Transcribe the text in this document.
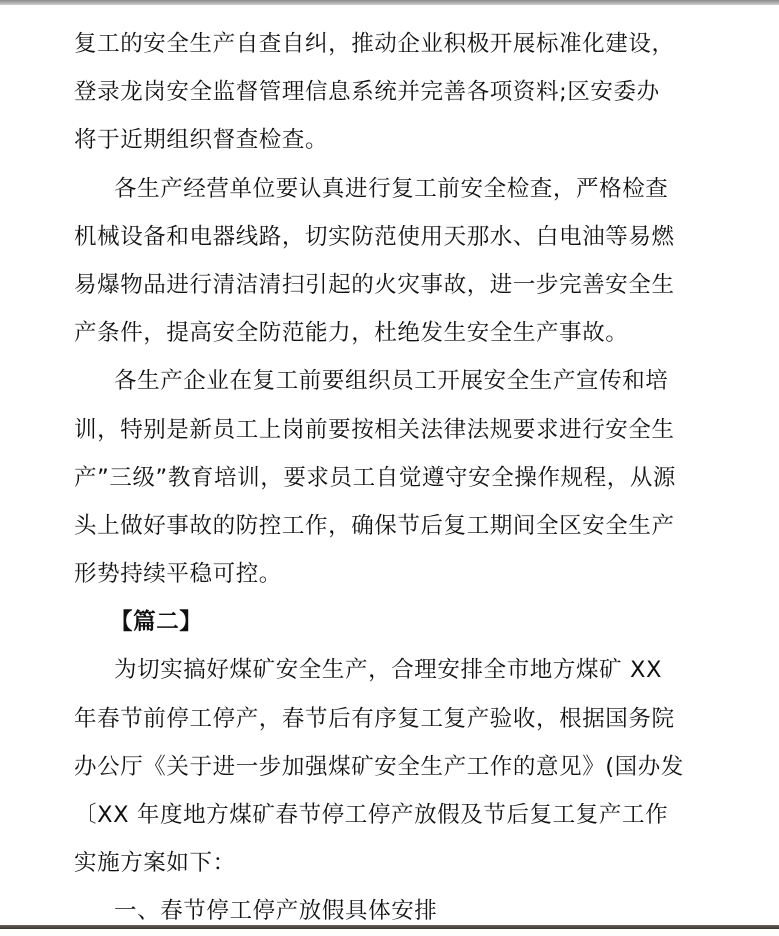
复工的安全生产自查自纠，推动企业积极开展标准化建设，

登录龙岗安全监督管理信息系统并完善各项资料;区安委办

将于近期组织督查检查。

各生产经营单位要认真进行复工前安全检查，严格检查

机械设备和电器线路，切实防范使用天那水、白电油等易燃

易爆物品进行清洁清扫引起的火灾事故，进一步完善安全生

产条件，提高安全防范能力，杜绝发生安全生产事故。

各生产企业在复工前要组织员工开展安全生产宣传和培

训，特别是新员工上岗前要按相关法律法规要求进行安全生

产”三级”教育培训，要求员工自觉遵守安全操作规程，从源

头上做好事故的防控工作，确保节后复工期间全区安全生产

形势持续平稳可控。

【篇二】

为切实搞好煤矿安全生产，合理安排全市地方煤矿 XX

年春节前停工停产，春节后有序复工复产验收，根据国务院

办公厅《关于进一步加强煤矿安全生产工作的意见》(国办发

〔XX 年度地方煤矿春节停工停产放假及节后复工复产工作

实施方案如下：

一、春节停工停产放假具体安排
